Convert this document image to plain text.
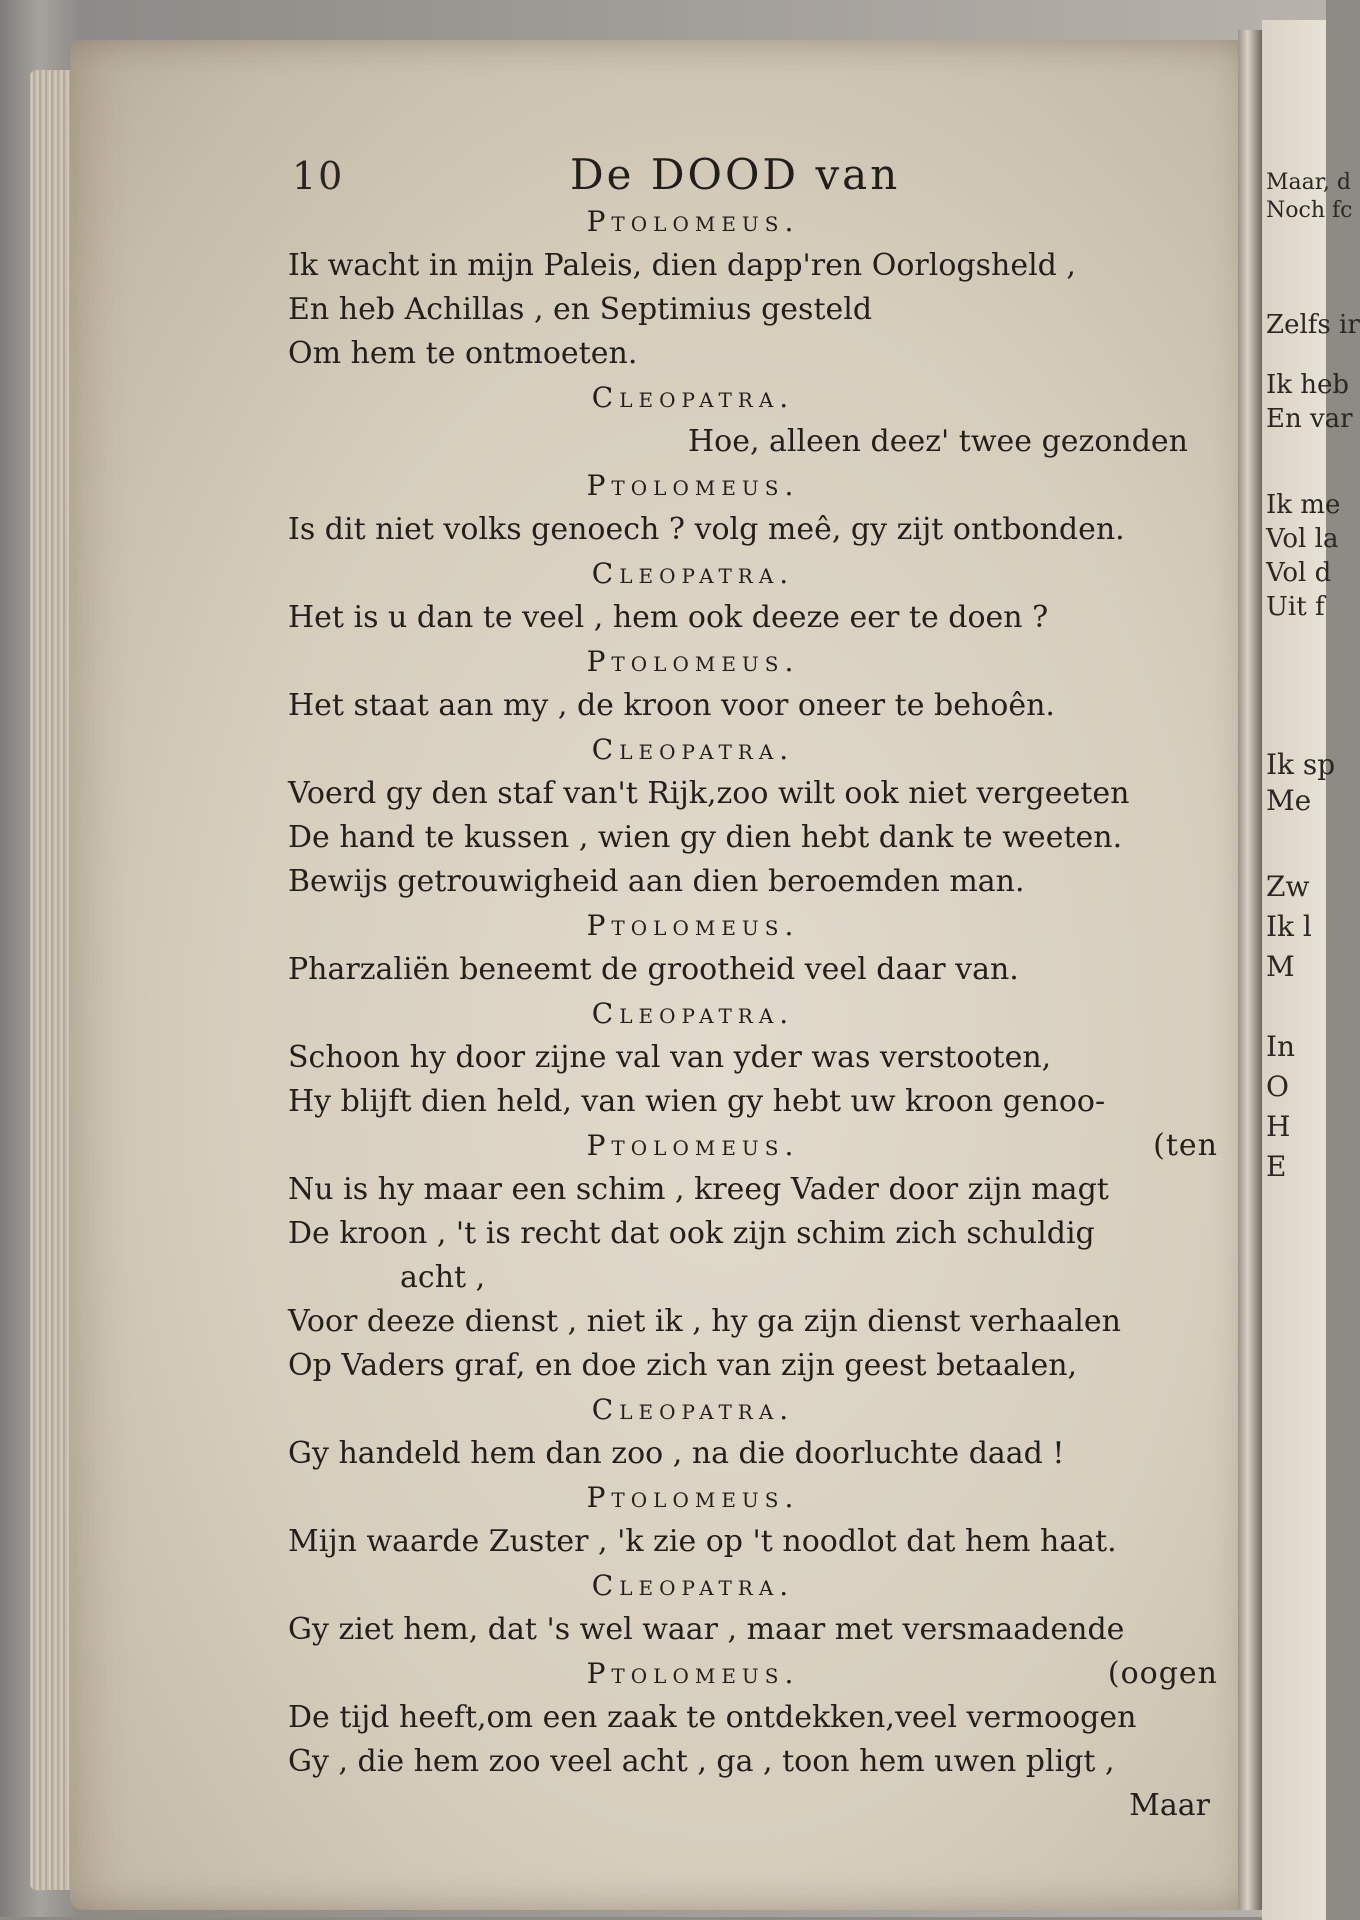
Maar, d
Noch fc
Zelfs ir
Ik heb
En var
Ik me
Vol la
Vol d
Uit f
Ik sp
Me
Zw
Ik l
M
In
O
H
E
10	De DOOD van
Ptolomeus.
Ik wacht in mijn Paleis, dien dapp'ren Oorlogsheld ,
En heb Achillas , en Septimius gesteld
Om hem te ontmoeten.
Cleopatra.
Hoe, alleen deez' twee gezonden
Ptolomeus.
Is dit niet volks genoech ? volg meê, gy zijt ontbonden.
Cleopatra.
Het is u dan te veel , hem ook deeze eer te doen ?
Ptolomeus.
Het staat aan my , de kroon voor oneer te behoên.
Cleopatra.
Voerd gy den staf van't Rijk,zoo wilt ook niet vergeeten
De hand te kussen , wien gy dien hebt dank te weeten.
Bewijs getrouwigheid aan dien beroemden man.
Ptolomeus.
Pharzaliën beneemt de grootheid veel daar van.
Cleopatra.
Schoon hy door zijne val van yder was verstooten,
Hy blijft dien held, van wien gy hebt uw kroon genoo-
Ptolomeus.	(ten
Nu is hy maar een schim , kreeg Vader door zijn magt
De kroon , 't is recht dat ook zijn schim zich schuldig
acht ,
Voor deeze dienst , niet ik , hy ga zijn dienst verhaalen
Op Vaders graf, en doe zich van zijn geest betaalen,
Cleopatra.
Gy handeld hem dan zoo , na die doorluchte daad !
Ptolomeus.
Mijn waarde Zuster , 'k zie op 't noodlot dat hem haat.
Cleopatra.
Gy ziet hem, dat 's wel waar , maar met versmaadende
Ptolomeus.	(oogen
De tijd heeft,om een zaak te ontdekken,veel vermoogen
Gy , die hem zoo veel acht , ga , toon hem uwen pligt ,
Maar
